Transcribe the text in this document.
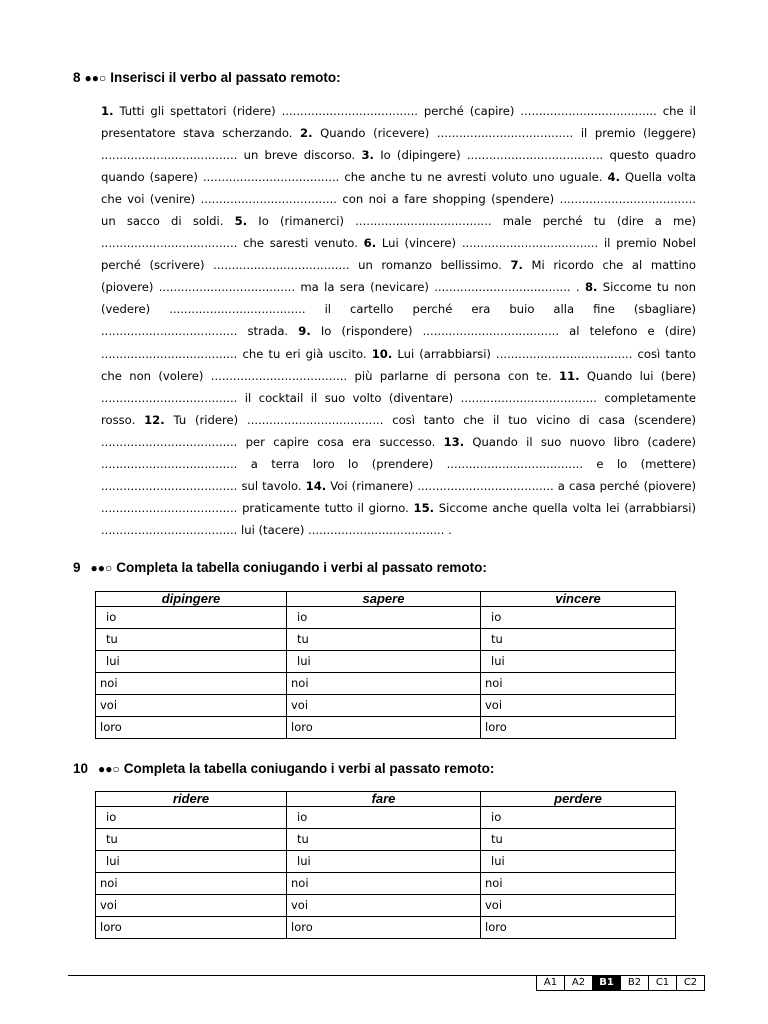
8 ●●○ Inserisci il verbo al passato remoto:
1. Tutti gli spettatori (ridere) ..................................... perché (capire) ..................................... che il presentatore stava scherzando. 2. Quando (ricevere) ..................................... il premio (leggere) ..................................... un breve discorso. 3. Io (dipingere) ..................................... questo quadro quando (sapere) ..................................... che anche tu ne avresti voluto uno uguale. 4. Quella volta che voi (venire) ..................................... con noi a fare shopping (spendere) ..................................... un sacco di soldi. 5. Io (rimanerci) ..................................... male perché tu (dire a me) ..................................... che saresti venuto. 6. Lui (vincere) ..................................... il premio Nobel perché (scrivere) ..................................... un romanzo bellissimo. 7. Mi ricordo che al mattino (piovere) ..................................... ma la sera (nevicare) ..................................... . 8. Siccome tu non (vedere) ..................................... il cartello perché era buio alla fine (sbagliare) ..................................... strada. 9. Io (rispondere) ..................................... al telefono e (dire) ..................................... che tu eri già uscito. 10. Lui (arrabbiarsi) ..................................... così tanto che non (volere) ..................................... più parlarne di persona con te. 11. Quando lui (bere) ..................................... il cocktail il suo volto (diventare) ..................................... completamente rosso. 12. Tu (ridere) ..................................... così tanto che il tuo vicino di casa (scendere) ..................................... per capire cosa era successo. 13. Quando il suo nuovo libro (cadere) ..................................... a terra loro lo (prendere) ..................................... e lo (mettere) ..................................... sul tavolo. 14. Voi (rimanere) ..................................... a casa perché (piovere) ..................................... praticamente tutto il giorno. 15. Siccome anche quella volta lei (arrabbiarsi) ..................................... lui (tacere) ..................................... .
9 ●●○ Completa la tabella coniugando i verbi al passato remoto:
dipingere	sapere	vincere
io	io	io
tu	tu	tu
lui	lui	lui
noi	noi	noi
voi	voi	voi
loro	loro	loro
10 ●●○ Completa la tabella coniugando i verbi al passato remoto:
ridere	fare	perdere
io	io	io
tu	tu	tu
lui	lui	lui
noi	noi	noi
voi	voi	voi
loro	loro	loro
A1	A2	B1	B2	C1	C2
